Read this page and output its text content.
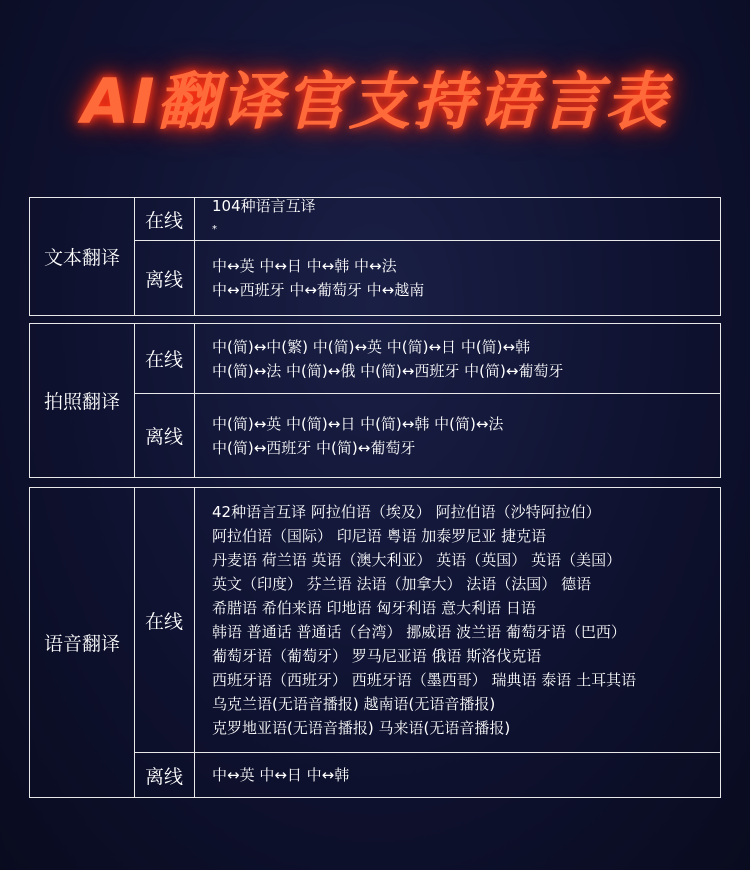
AI翻译官支持语言表
文本翻译
在线
104种语言互译
*
离线
中↔英 中↔日 中↔韩 中↔法
中↔西班牙 中↔葡萄牙 中↔越南
拍照翻译
在线
中(简)↔中(繁) 中(简)↔英 中(简)↔日 中(简)↔韩
中(简)↔法 中(简)↔俄 中(简)↔西班牙 中(简)↔葡萄牙
离线
中(简)↔英 中(简)↔日 中(简)↔韩 中(简)↔法
中(简)↔西班牙 中(简)↔葡萄牙
语音翻译
在线
42种语言互译 阿拉伯语（埃及） 阿拉伯语（沙特阿拉伯）
阿拉伯语（国际） 印尼语 粤语 加泰罗尼亚 捷克语
丹麦语 荷兰语 英语（澳大利亚） 英语（英国） 英语（美国）
英文（印度） 芬兰语 法语（加拿大） 法语（法国） 德语
希腊语 希伯来语 印地语 匈牙利语 意大利语 日语
韩语 普通话 普通话（台湾） 挪威语 波兰语 葡萄牙语（巴西）
葡萄牙语（葡萄牙） 罗马尼亚语 俄语 斯洛伐克语
西班牙语（西班牙） 西班牙语（墨西哥） 瑞典语 泰语 土耳其语
乌克兰语(无语音播报) 越南语(无语音播报)
克罗地亚语(无语音播报) 马来语(无语音播报)
离线	中↔英 中↔日 中↔韩
